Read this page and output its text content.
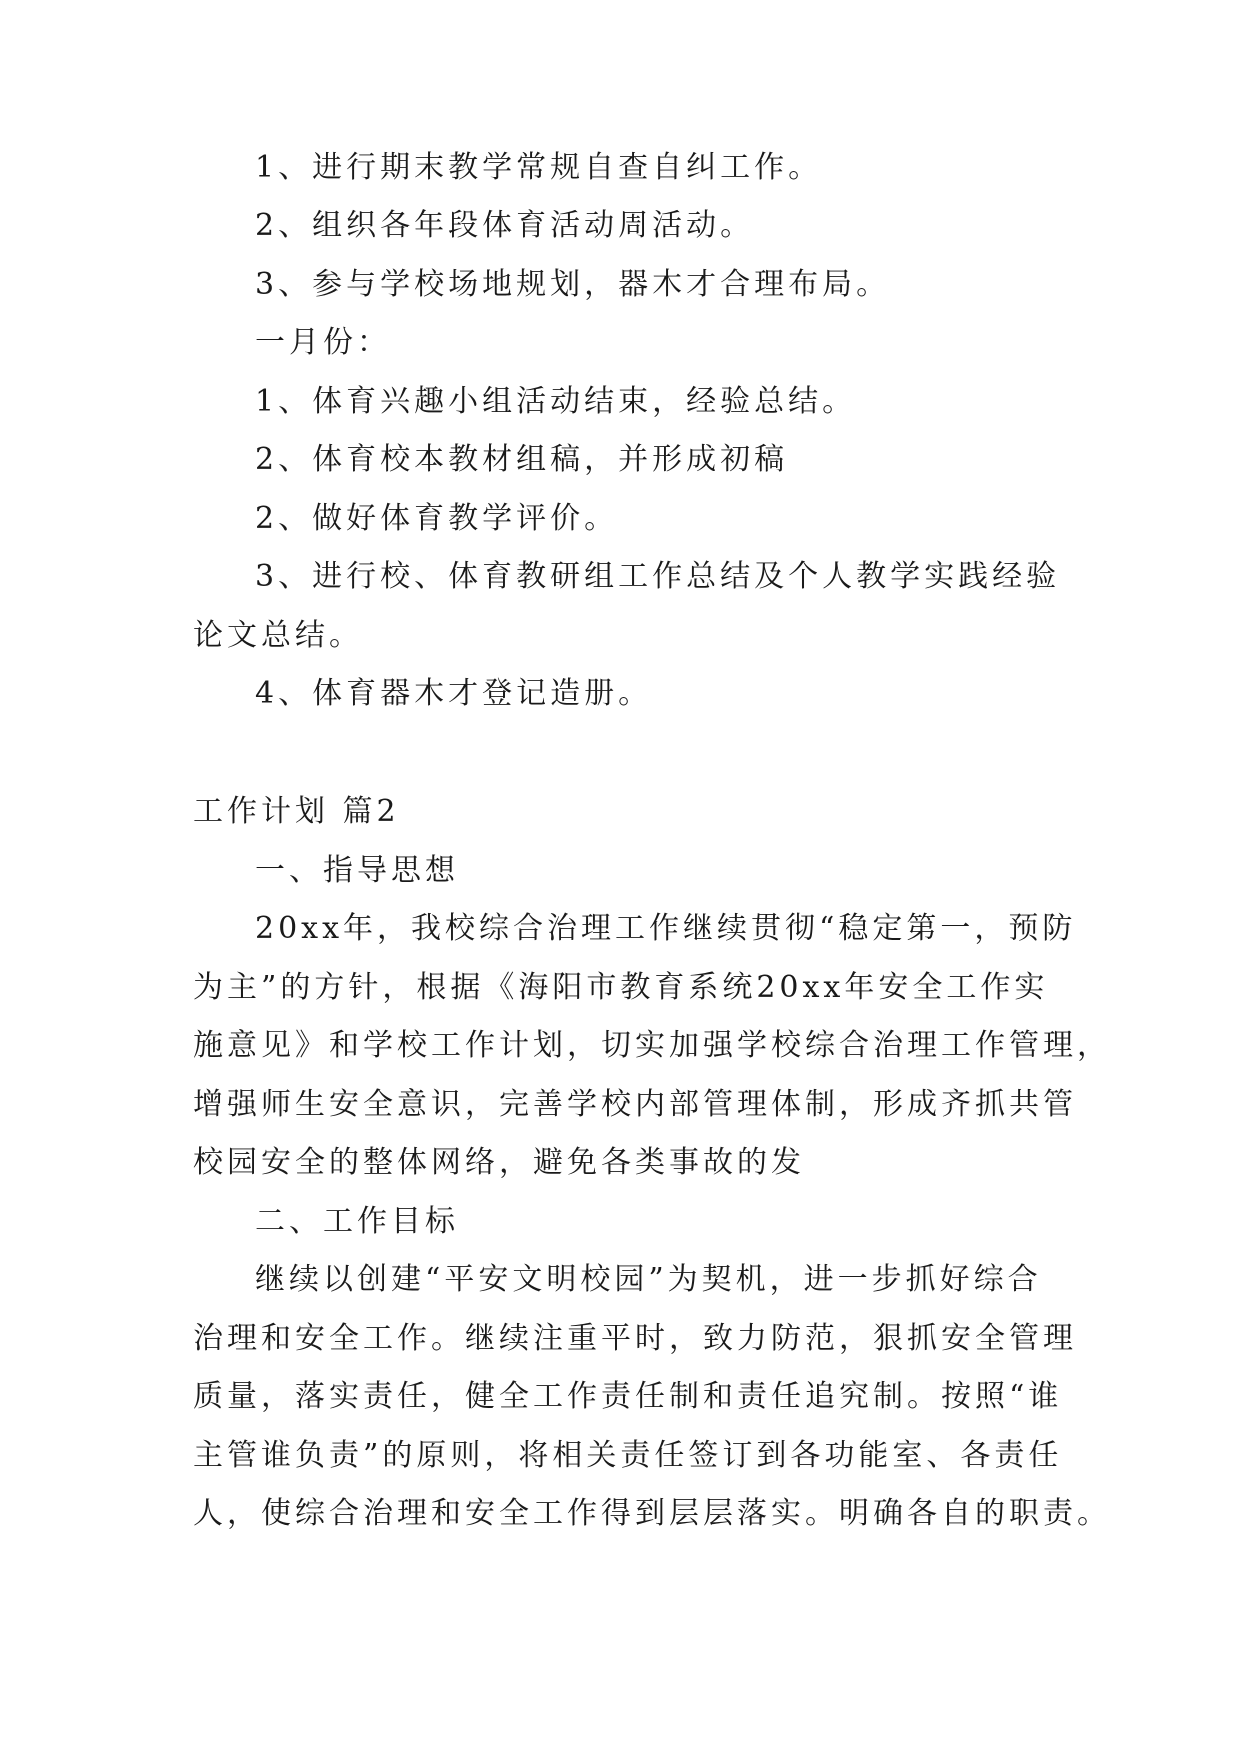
1、进行期末教学常规自查自纠工作。
2、组织各年段体育活动周活动。
3、参与学校场地规划，器木才合理布局。
一月份：
1、体育兴趣小组活动结束，经验总结。
2、体育校本教材组稿，并形成初稿
2、做好体育教学评价。
3、进行校、体育教研组工作总结及个人教学实践经验
论文总结。
4、体育器木才登记造册。
工作计划 篇2
一、指导思想
20xx年，我校综合治理工作继续贯彻“稳定第一，预防
为主”的方针，根据《海阳市教育系统20xx年安全工作实
施意见》和学校工作计划，切实加强学校综合治理工作管理，
增强师生安全意识，完善学校内部管理体制，形成齐抓共管
校园安全的整体网络，避免各类事故的发
二、工作目标
继续以创建“平安文明校园”为契机，进一步抓好综合
治理和安全工作。继续注重平时，致力防范，狠抓安全管理
质量，落实责任，健全工作责任制和责任追究制。按照“谁
主管谁负责”的原则，将相关责任签订到各功能室、各责任
人，使综合治理和安全工作得到层层落实。明确各自的职责。
